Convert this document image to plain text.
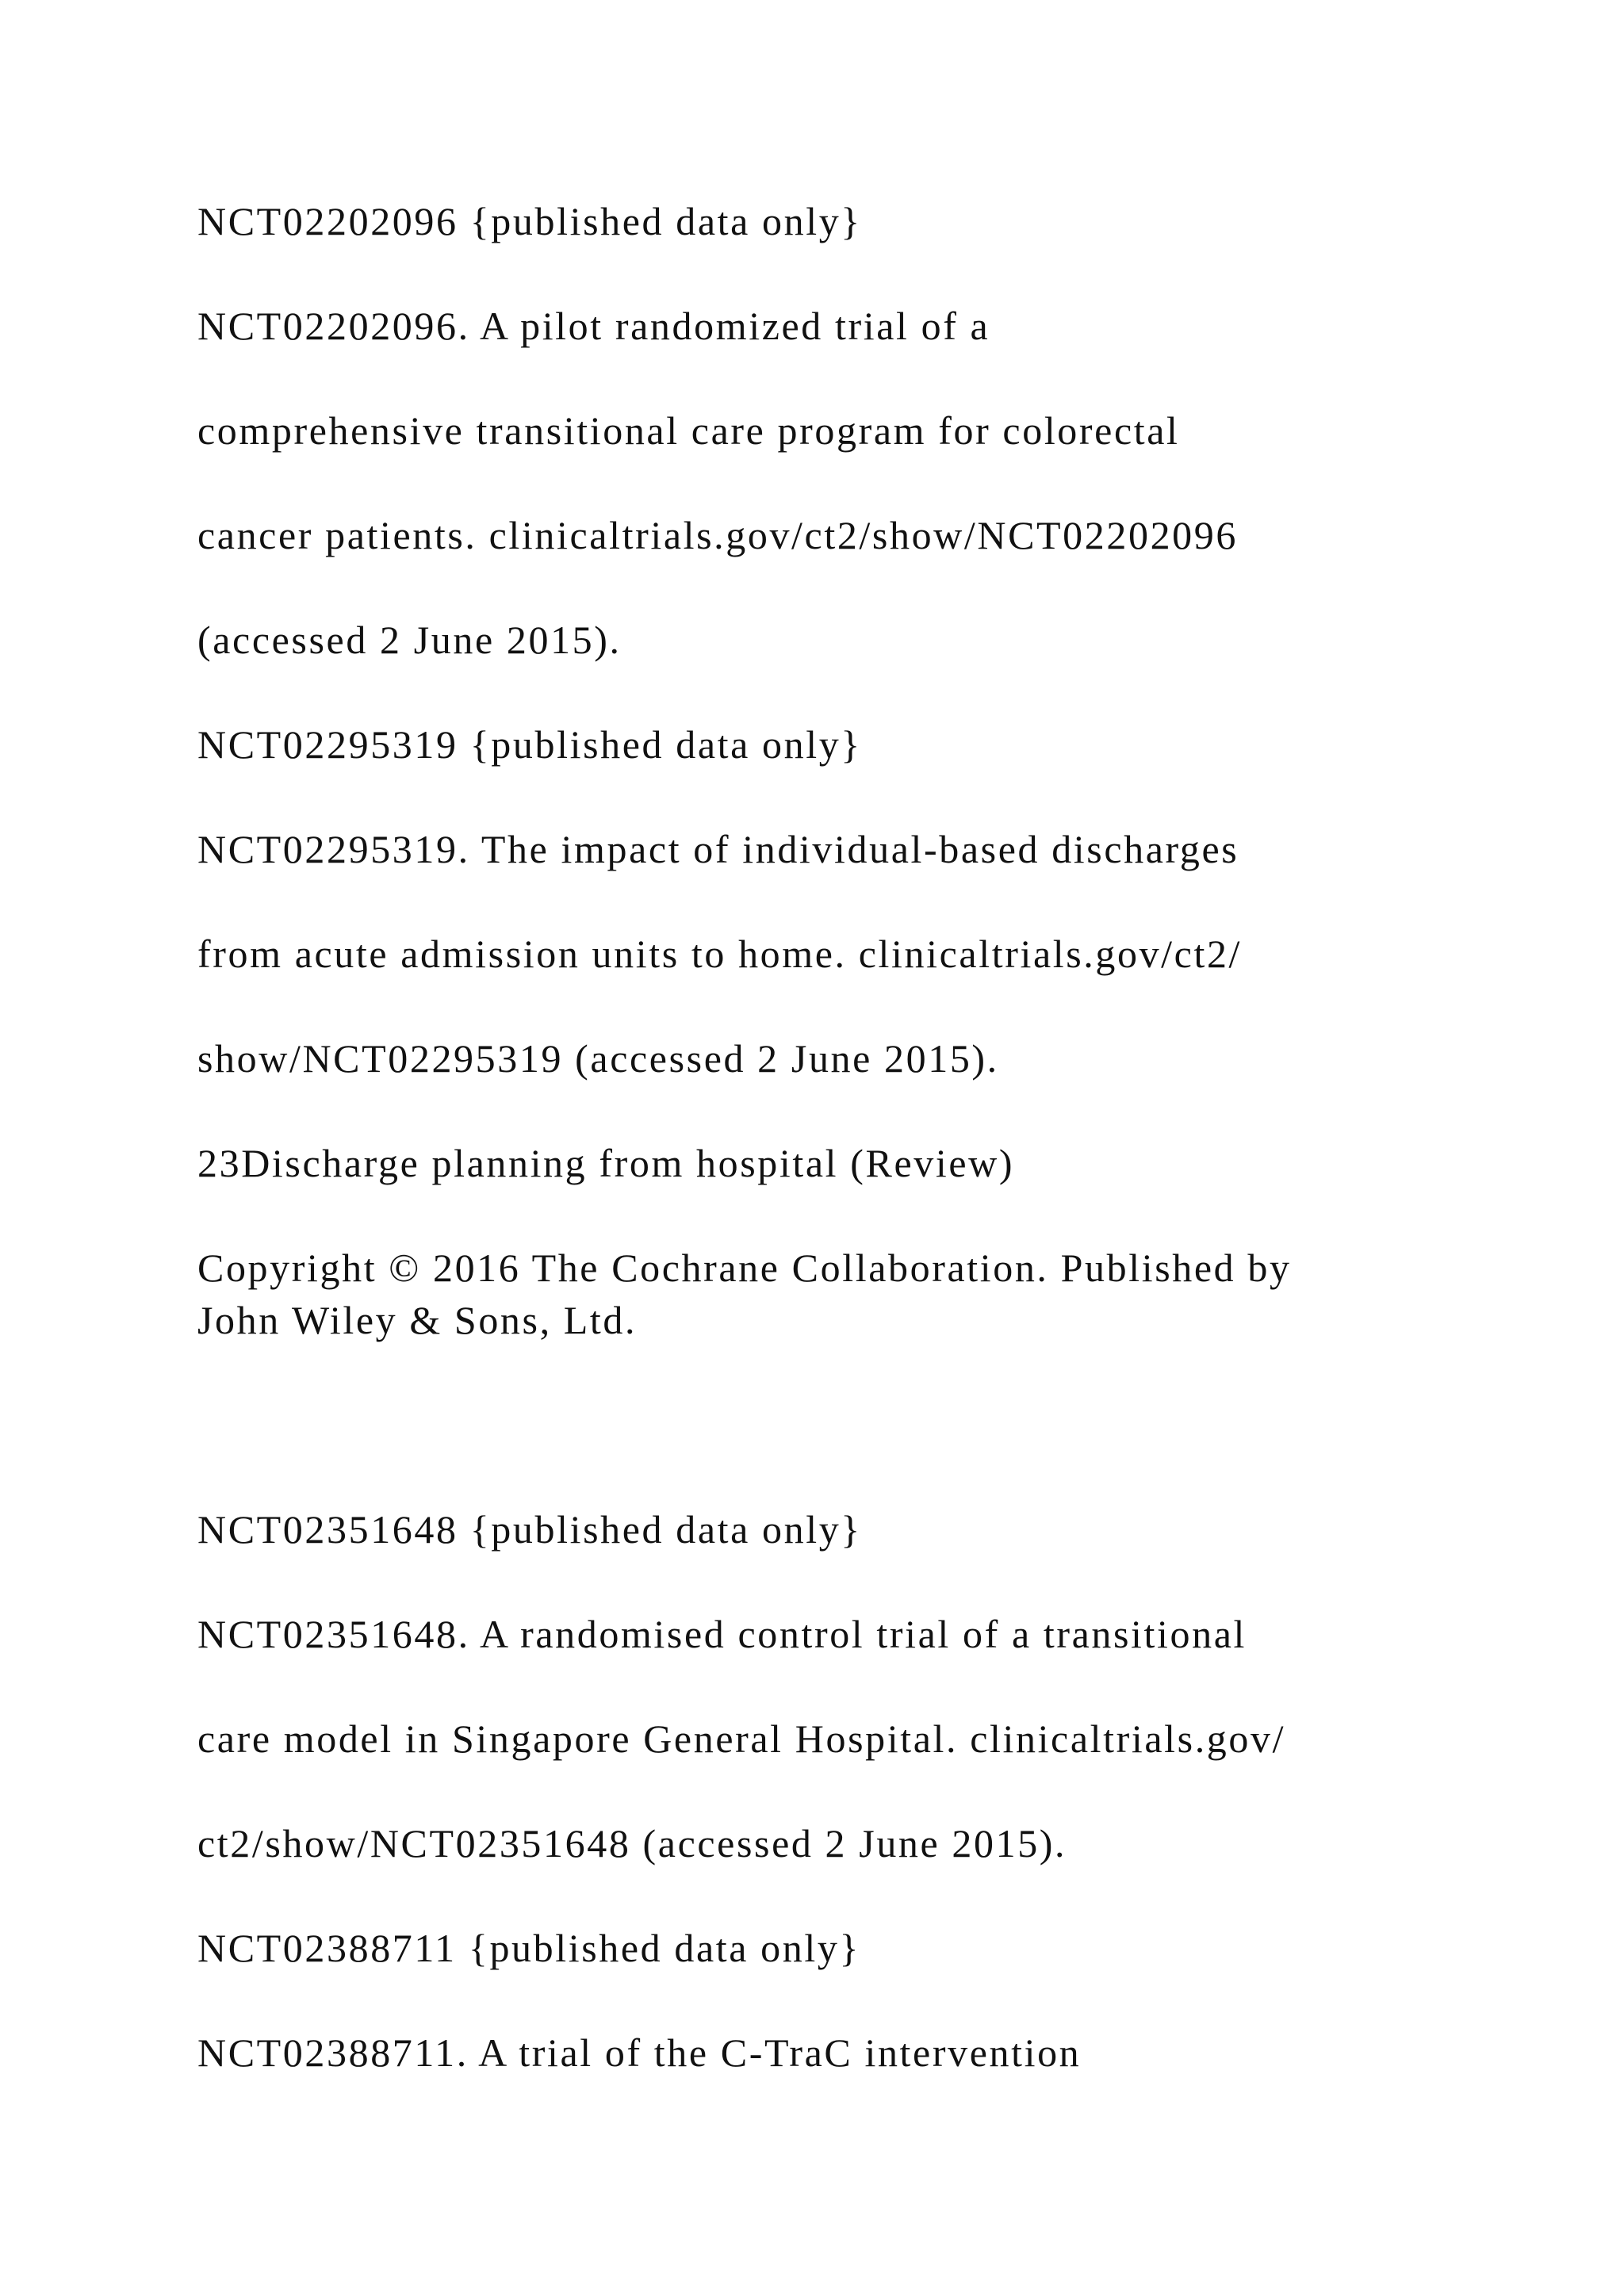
NCT02202096 {published data only}

NCT02202096. A pilot randomized trial of a

comprehensive transitional care program for colorectal

cancer patients. clinicaltrials.gov/ct2/show/NCT02202096

(accessed 2 June 2015).

NCT02295319 {published data only}

NCT02295319. The impact of individual-based discharges

from acute admission units to home. clinicaltrials.gov/ct2/

show/NCT02295319 (accessed 2 June 2015).

23Discharge planning from hospital (Review)

Copyright © 2016 The Cochrane Collaboration. Published by

John Wiley & Sons, Ltd.

NCT02351648 {published data only}

NCT02351648. A randomised control trial of a transitional

care model in Singapore General Hospital. clinicaltrials.gov/

ct2/show/NCT02351648 (accessed 2 June 2015).

NCT02388711 {published data only}

NCT02388711. A trial of the C-TraC intervention
